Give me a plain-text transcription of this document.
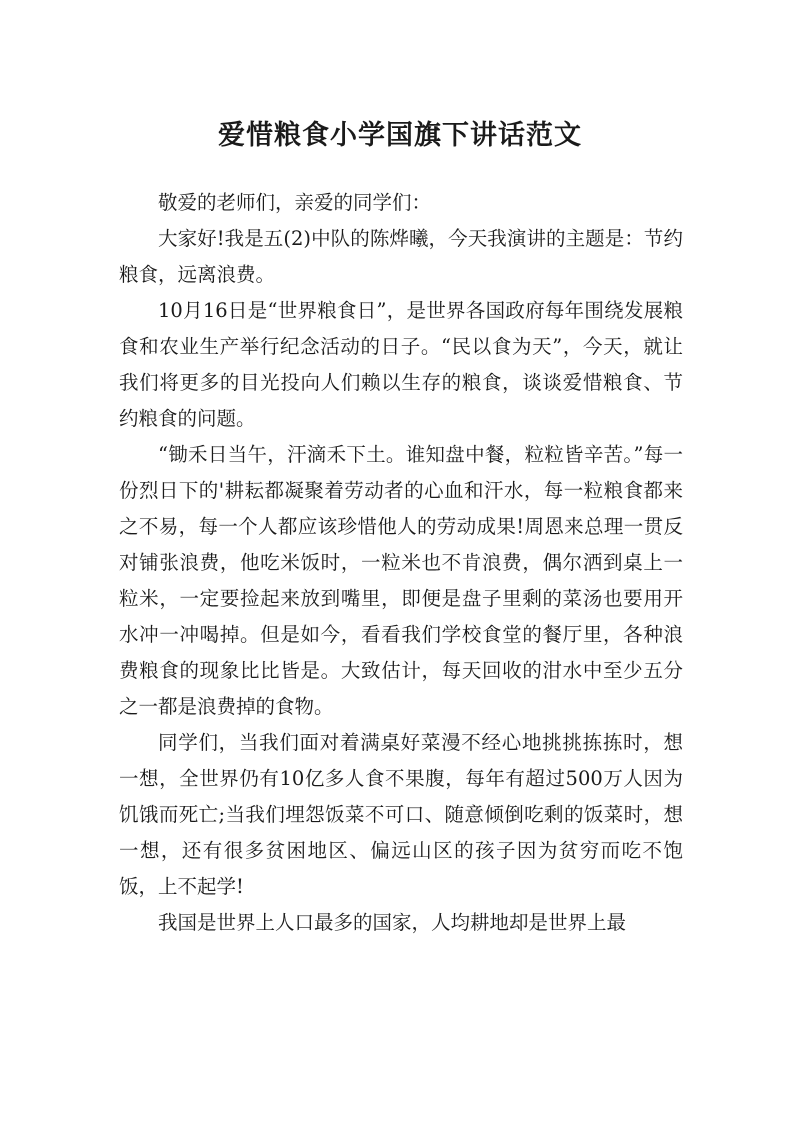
爱惜粮食小学国旗下讲话范文

敬爱的老师们，亲爱的同学们：

大家好!我是五(2)中队的陈烨曦，今天我演讲的主题是：节约粮食，远离浪费。

10月16日是“世界粮食日”，是世界各国政府每年围绕发展粮食和农业生产举行纪念活动的日子。“民以食为天”，今天，就让我们将更多的目光投向人们赖以生存的粮食，谈谈爱惜粮食、节约粮食的问题。

“锄禾日当午，汗滴禾下土。谁知盘中餐，粒粒皆辛苦。”每一份烈日下的'耕耘都凝聚着劳动者的心血和汗水，每一粒粮食都来之不易，每一个人都应该珍惜他人的劳动成果!周恩来总理一贯反对铺张浪费，他吃米饭时，一粒米也不肯浪费，偶尔洒到桌上一粒米，一定要捡起来放到嘴里，即便是盘子里剩的菜汤也要用开水冲一冲喝掉。但是如今，看看我们学校食堂的餐厅里，各种浪费粮食的现象比比皆是。大致估计，每天回收的泔水中至少五分之一都是浪费掉的食物。

同学们，当我们面对着满桌好菜漫不经心地挑挑拣拣时，想一想，全世界仍有10亿多人食不果腹，每年有超过500万人因为饥饿而死亡;当我们埋怨饭菜不可口、随意倾倒吃剩的饭菜时，想一想，还有很多贫困地区、偏远山区的孩子因为贫穷而吃不饱饭，上不起学!

我国是世界上人口最多的国家，人均耕地却是世界上最
